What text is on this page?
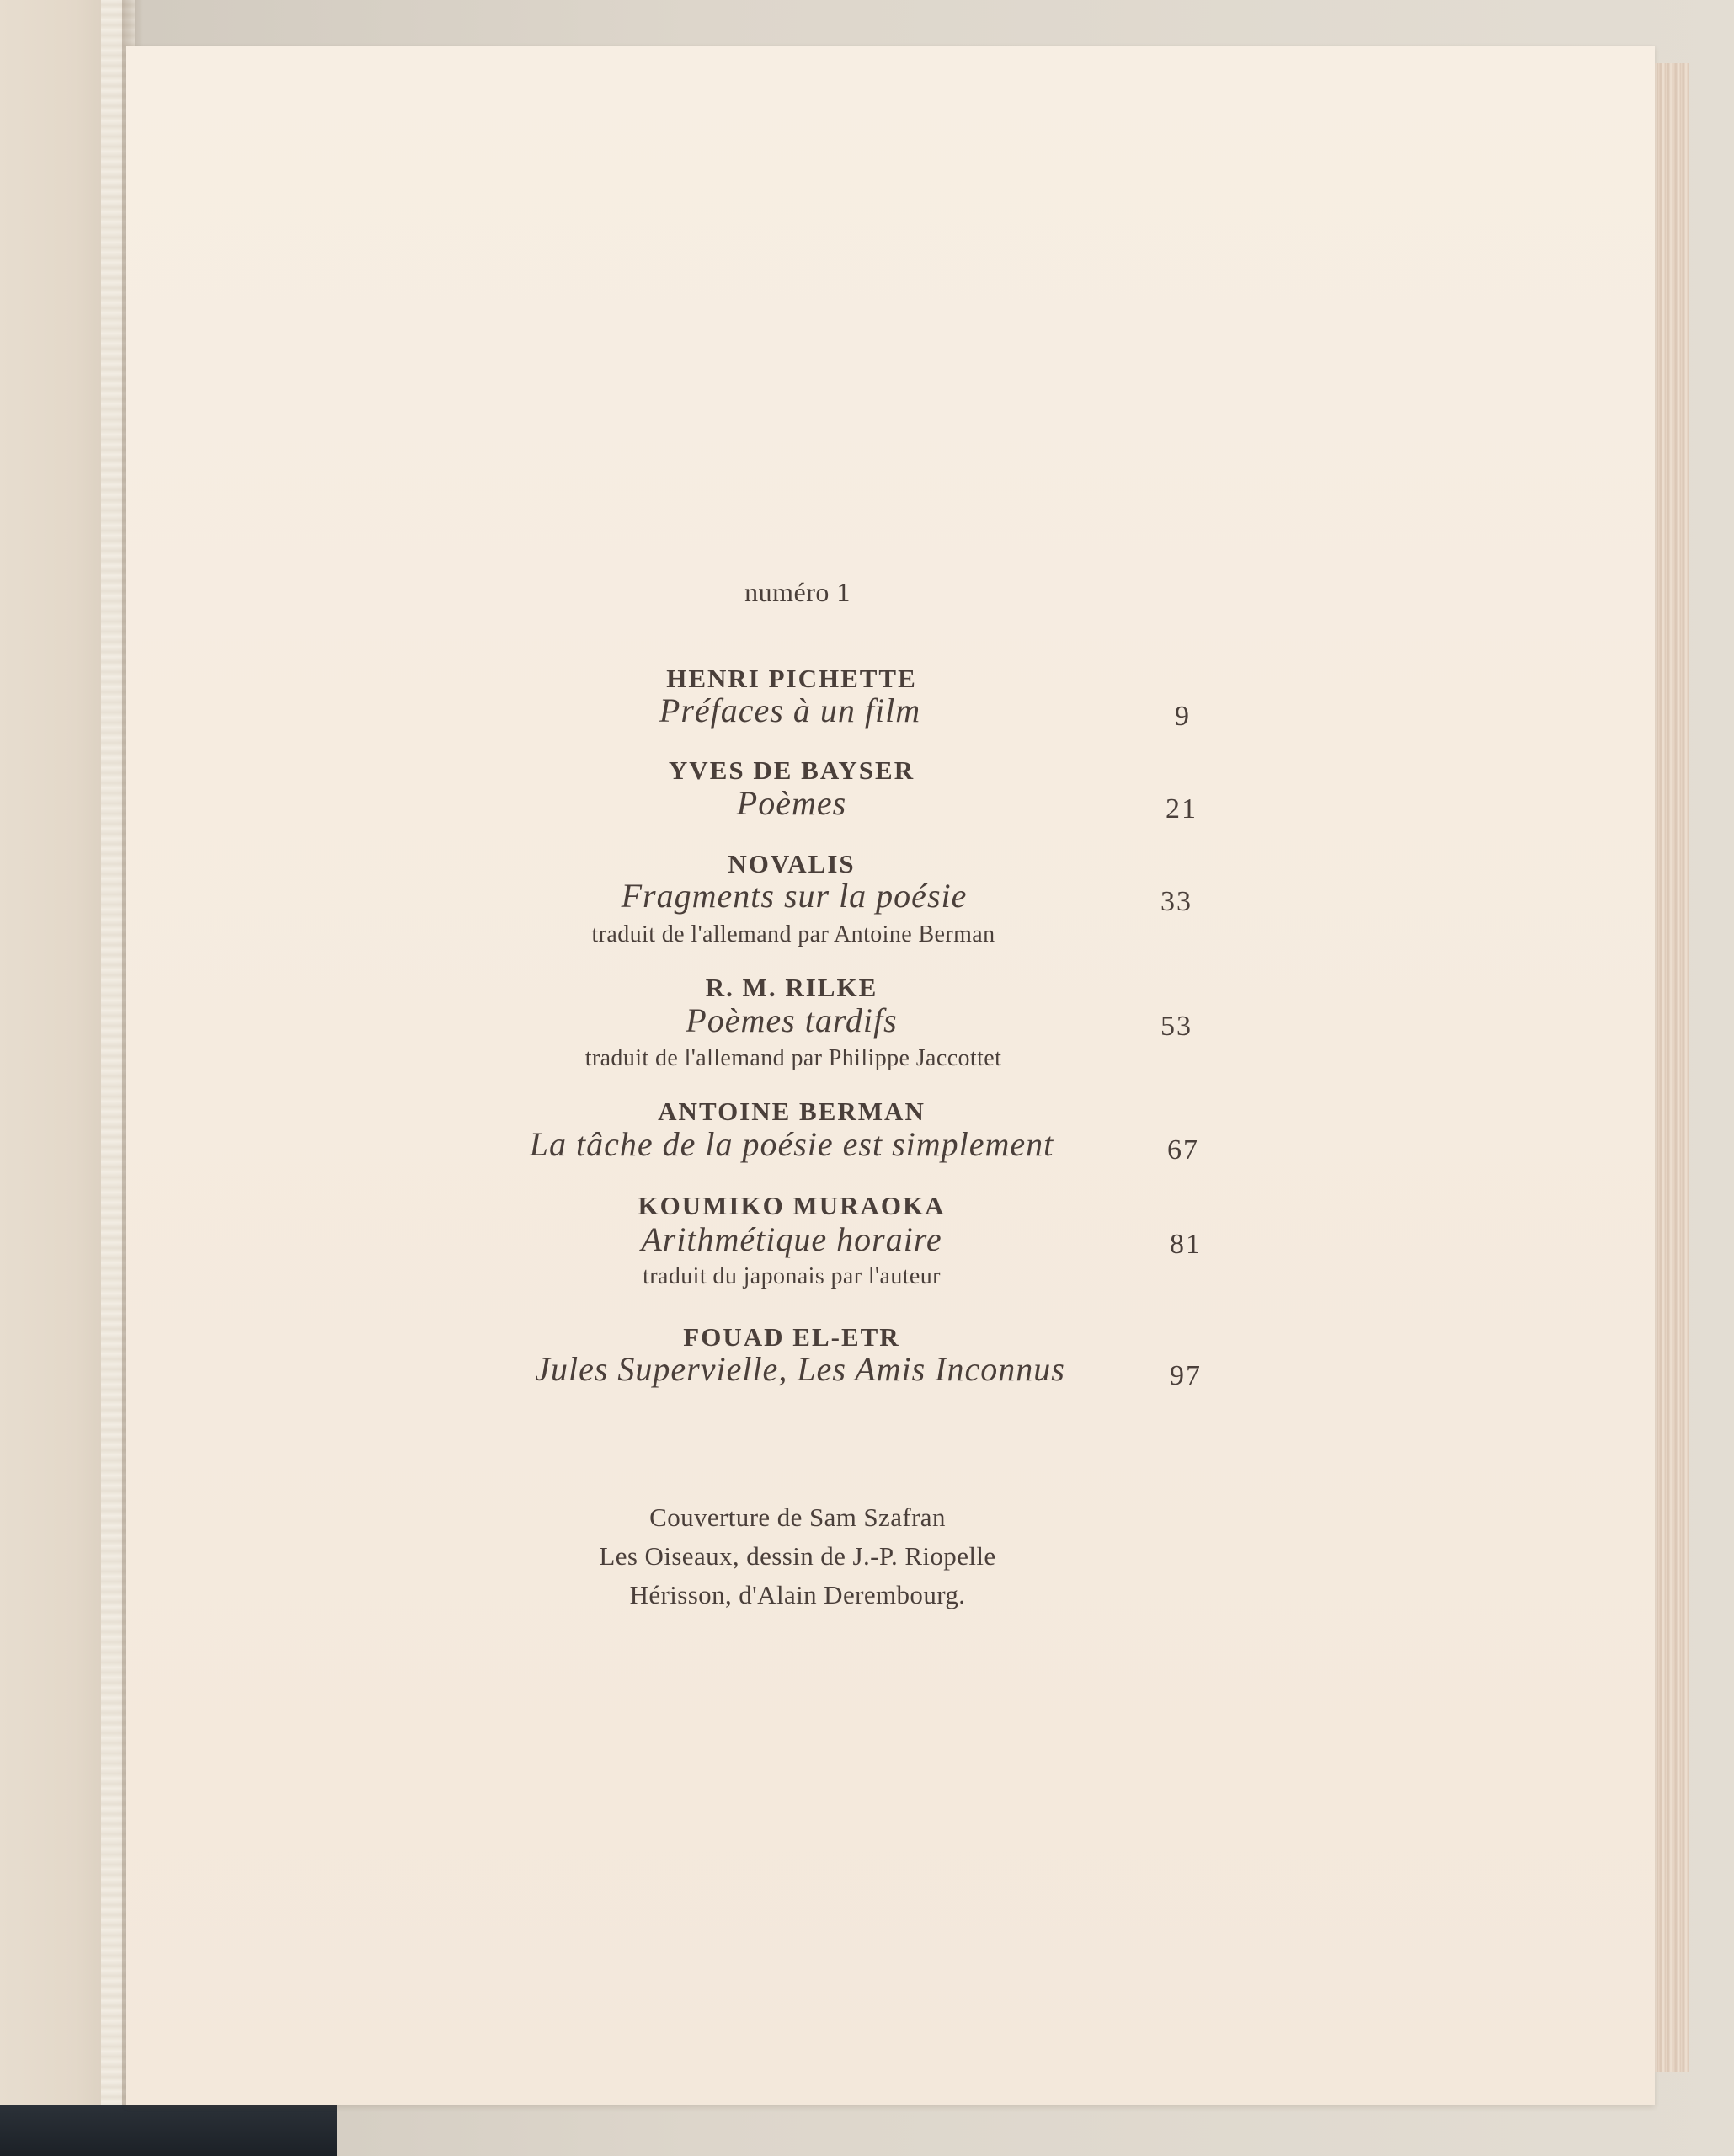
numéro 1
HENRI PICHETTE
Préfaces à un film	9
YVES DE BAYSER
Poèmes	21
NOVALIS
Fragments sur la poésie	33
traduit de l'allemand par Antoine Berman
R. M. RILKE
Poèmes tardifs	53
traduit de l'allemand par Philippe Jaccottet
ANTOINE BERMAN
La tâche de la poésie est simplement	67
KOUMIKO MURAOKA
Arithmétique horaire	81
traduit du japonais par l'auteur
FOUAD EL-ETR
Jules Supervielle, Les Amis Inconnus	97
Couverture de Sam Szafran
Les Oiseaux, dessin de J.-P. Riopelle
Hérisson, d'Alain Derembourg.
